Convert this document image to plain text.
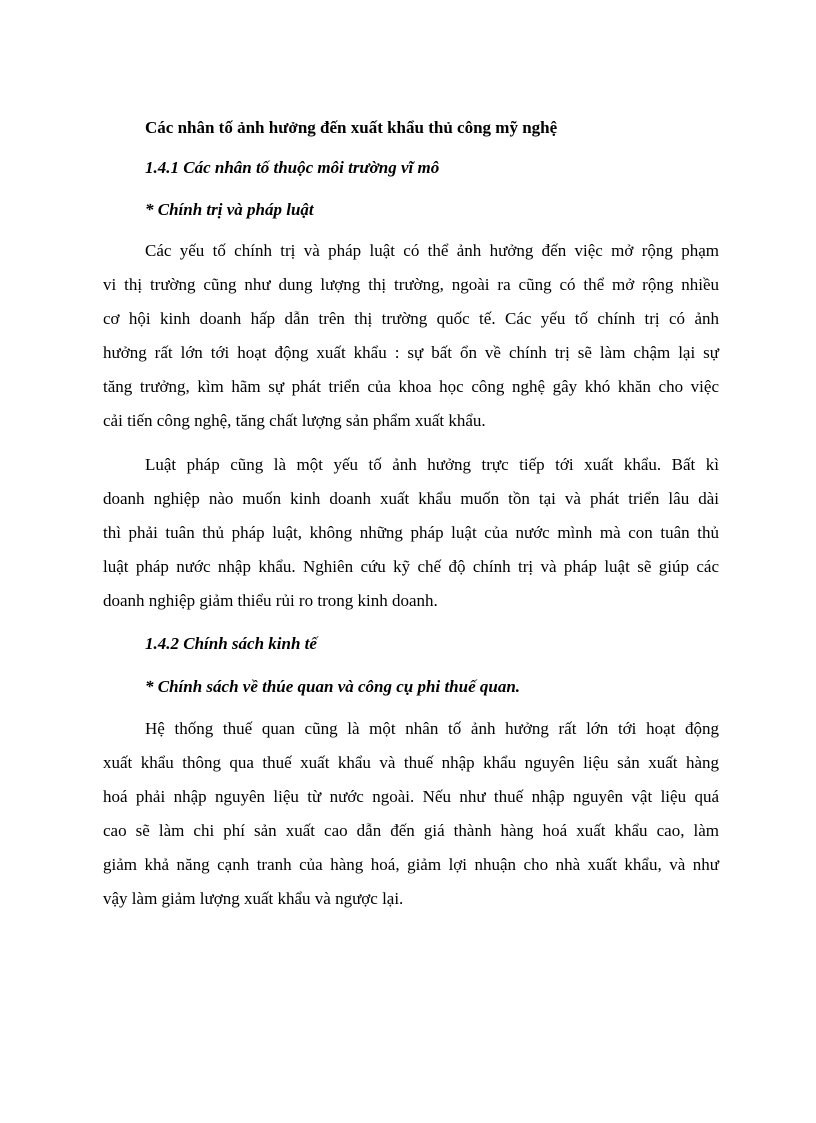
Các nhân tố ảnh hưởng đến xuất khẩu thủ công mỹ nghệ
1.4.1 Các nhân tố thuộc môi trường vĩ mô
* Chính trị và pháp luật
Các yếu tố chính trị và pháp luật có thể ảnh hưởng đến việc mở rộng phạm
vi thị trường cũng như dung lượng thị trường, ngoài ra cũng có thể mở rộng nhiều
cơ hội kinh doanh hấp dẫn trên thị trường quốc tế. Các yếu tố chính trị có ảnh
hưởng rất lớn tới hoạt động xuất khẩu : sự bất ổn về chính trị sẽ làm chậm lại sự
tăng trưởng, kìm hãm sự phát triển của khoa học công nghệ gây khó khăn cho việc
cải tiến công nghệ, tăng chất lượng sản phẩm xuất khẩu.
Luật pháp cũng là một yếu tố ảnh hưởng trực tiếp tới xuất khẩu. Bất kì
doanh nghiệp nào muốn kinh doanh xuất khẩu muốn tồn tại và phát triển lâu dài
thì phải tuân thủ pháp luật, không những pháp luật của nước mình mà con tuân thủ
luật pháp nước nhập khẩu. Nghiên cứu kỹ chế độ chính trị và pháp luật sẽ giúp các
doanh nghiệp giảm thiểu rủi ro trong kinh doanh.
1.4.2 Chính sách kinh tế
* Chính sách về thúe quan và công cụ phi thuế quan.
Hệ thống thuế quan cũng là một nhân tố ảnh hưởng rất lớn tới hoạt động
xuất khẩu thông qua thuế xuất khẩu và thuế nhập khẩu nguyên liệu sản xuất hàng
hoá phải nhập nguyên liệu từ nước ngoài. Nếu như thuế nhập nguyên vật liệu quá
cao sẽ làm chi phí sản xuất cao dẫn đến giá thành hàng hoá xuất khẩu cao, làm
giảm khả năng cạnh tranh của hàng hoá, giảm lợi nhuận cho nhà xuất khẩu, và như
vậy làm giảm lượng xuất khẩu và ngược lại.
